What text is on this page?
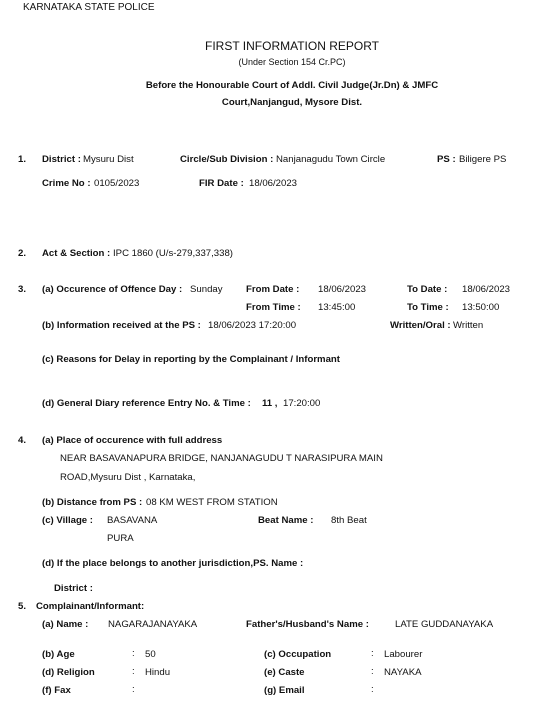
KARNATAKA STATE POLICE
FIRST INFORMATION REPORT
(Under Section 154 Cr.PC)
Before the Honourable Court of Addl. Civil Judge(Jr.Dn) & JMFC
Court,Nanjangud, Mysore Dist.
1. District : Mysuru Dist	Circle/Sub Division : Nanjanagudu Town Circle	PS : Biligere PS
Crime No : 0105/2023	FIR Date : 18/06/2023
2. Act & Section : IPC 1860 (U/s-279,337,338)
3. (a) Occurence of Offence Day : Sunday From Date : 18/06/2023	To Date : 18/06/2023
From Time : 13:45:00	To Time : 13:50:00
(b) Information received at the PS : 18/06/2023 17:20:00	Written/Oral : Written
(c) Reasons for Delay in reporting by the Complainant / Informant
(d) General Diary reference Entry No. & Time : 11 , 17:20:00
4. (a) Place of occurence with full address
NEAR BASAVANAPURA BRIDGE, NANJANAGUDU T NARASIPURA MAIN
ROAD,Mysuru Dist , Karnataka,
(b) Distance from PS : 08 KM WEST FROM STATION
(c) Village : BASAVANA
PURA
Beat Name : 8th Beat
(d) If the place belongs to another jurisdiction,PS. Name :
District :
5. Complainant/Informant:
(a) Name : NAGARAJANAYAKA	Father's/Husband's Name :	LATE GUDDANAYAKA
(b) Age	: 50	(c) Occupation	: Labourer
(d) Religion	: Hindu	(e) Caste	: NAYAKA
(f) Fax	:	(g) Email	:
